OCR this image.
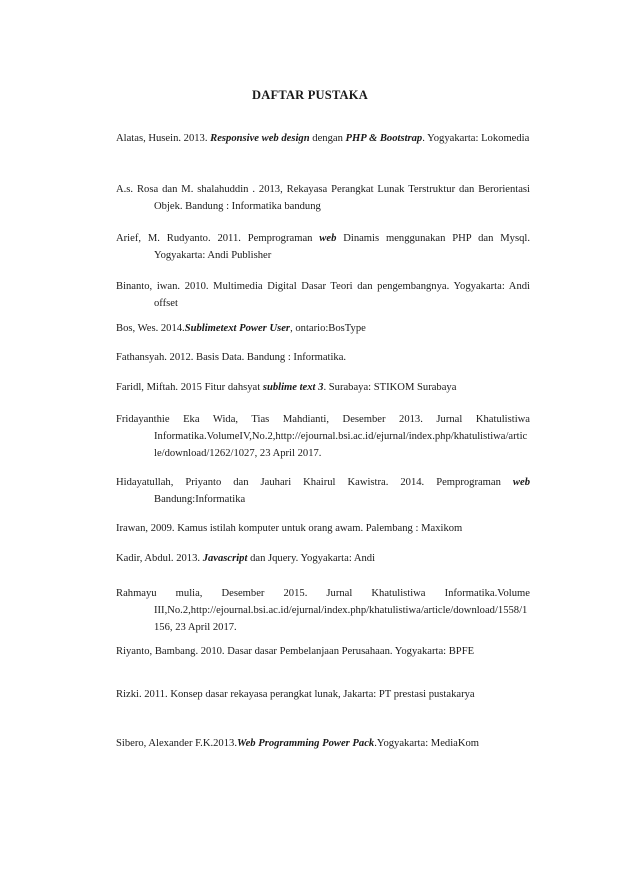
DAFTAR PUSTAKA
Alatas, Husein. 2013. Responsive web design dengan PHP & Bootstrap. Yogyakarta: Lokomedia
A.s. Rosa dan M. shalahuddin . 2013, Rekayasa Perangkat Lunak Terstruktur dan Berorientasi Objek. Bandung : Informatika bandung
Arief, M. Rudyanto. 2011. Pemprograman web Dinamis menggunakan PHP dan Mysql. Yogyakarta: Andi Publisher
Binanto, iwan. 2010. Multimedia Digital Dasar Teori dan pengembangnya. Yogyakarta: Andi offset
Bos, Wes. 2014.Sublimetext Power User, ontario:BosType
Fathansyah. 2012. Basis Data. Bandung : Informatika.
Faridl, Miftah. 2015 Fitur dahsyat sublime text 3. Surabaya: STIKOM Surabaya
Fridayanthie Eka Wida, Tias Mahdianti, Desember 2013. Jurnal Khatulistiwa Informatika.VolumeIV,No.2,http://ejournal.bsi.ac.id/ejurnal/index.php/khatulistiwa/article/download/1262/1027, 23 April 2017.
Hidayatullah, Priyanto dan Jauhari Khairul Kawistra. 2014. Pemprograman web Bandung:Informatika
Irawan, 2009. Kamus istilah komputer untuk orang awam. Palembang : Maxikom
Kadir, Abdul. 2013. Javascript dan Jquery. Yogyakarta: Andi
Rahmayu mulia, Desember 2015. Jurnal Khatulistiwa Informatika.Volume III,No.2,http://ejournal.bsi.ac.id/ejurnal/index.php/khatulistiwa/article/download/1558/1156, 23 April 2017.
Riyanto, Bambang. 2010. Dasar dasar Pembelanjaan Perusahaan. Yogyakarta: BPFE
Rizki. 2011. Konsep dasar rekayasa perangkat lunak, Jakarta: PT prestasi pustakarya
Sibero, Alexander F.K.2013.Web Programming Power Pack.Yogyakarta: MediaKom
